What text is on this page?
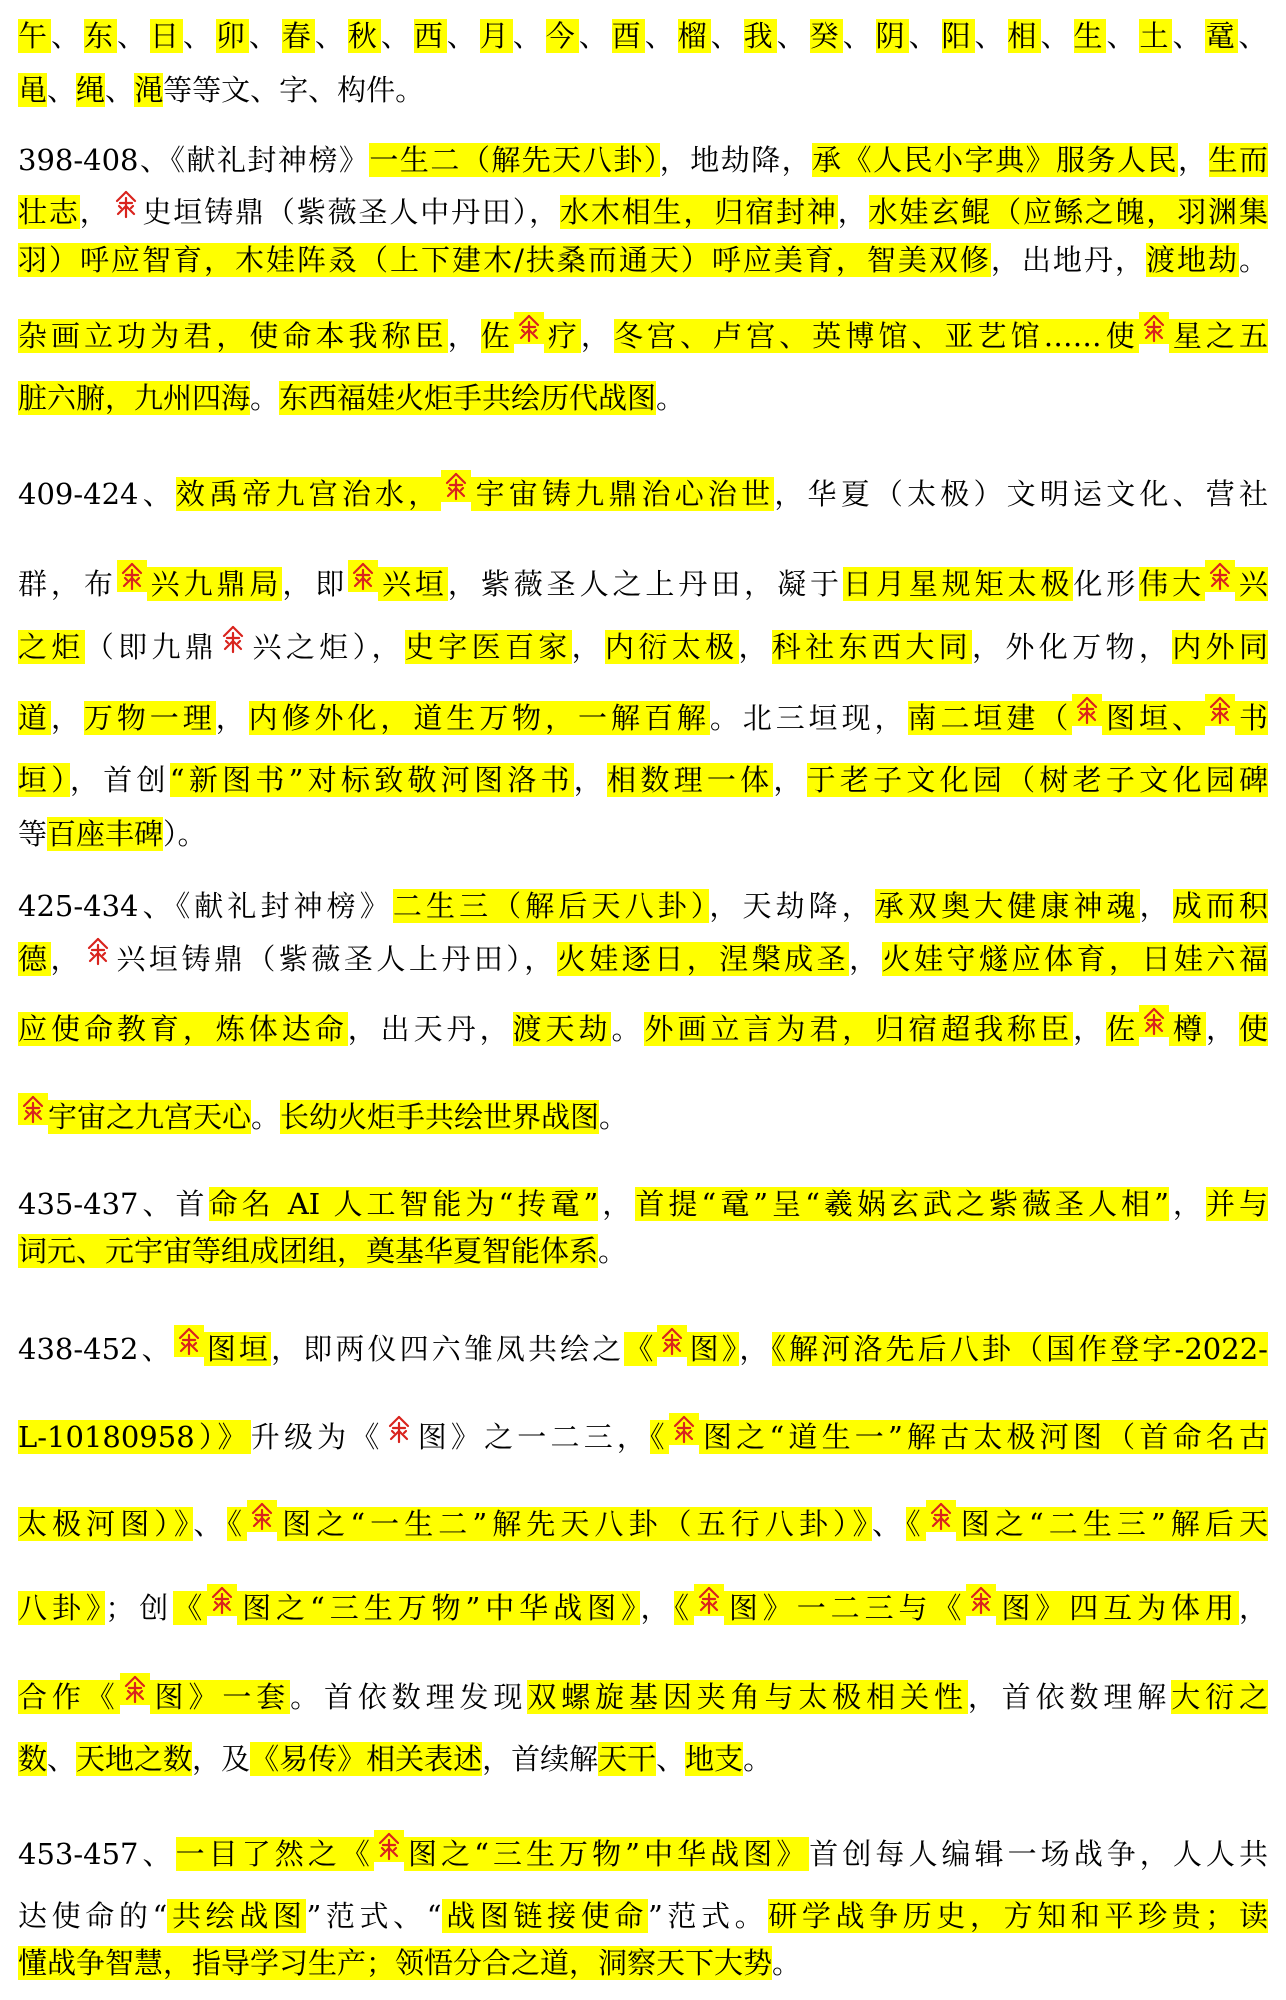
午、东、日、卯、春、秋、西、月、今、酉、榴、我、癸、阴、阳、相、生、土、鼋、
黾、绳、渑等等文、字、构件。
398-408、《献礼封神榜》一生二（解先天八卦），地劫降，承《人民小字典》服务人民，生而
壮志， 史垣铸鼎（紫薇圣人中丹田），水木相生，归宿封神，水娃玄鲲（应鲧之魄，羽渊集
羽）呼应智育，木娃阵叒（上下建木/扶桑而通天）呼应美育，智美双修，出地丹，渡地劫。
杂画立功为君，使命本我称臣，佐 疗，冬宫、卢宫、英博馆、亚艺馆……使 星之五
脏六腑，九州四海。东西福娃火炬手共绘历代战图。
409-424、效禹帝九宫治水， 宇宙铸九鼎治心治世，华夏（太极）文明运文化、营社
群，布 兴九鼎局，即 兴垣，紫薇圣人之上丹田，凝于日月星规矩太极化形伟大 兴
之炬（即九鼎 兴之炬），史字医百家，内衍太极，科社东西大同，外化万物，内外同
道，万物一理，内修外化，道生万物，一解百解。北三垣现，南二垣建（ 图垣、 书
垣），首创“新图书”对标致敬河图洛书，相数理一体，于老子文化园（树老子文化园碑
等百座丰碑）。
425-434、《献礼封神榜》二生三（解后天八卦），天劫降，承双奥大健康神魂，成而积
德， 兴垣铸鼎（紫薇圣人上丹田），火娃逐日，涅槃成圣，火娃守燧应体育，日娃六福
应使命教育，炼体达命，出天丹，渡天劫。外画立言为君，归宿超我称臣，佐 樽，使
宇宙之九宫天心。长幼火炬手共绘世界战图。
435-437、首命名 AI 人工智能为“抟鼋”，首提“鼋”呈“羲娲玄武之紫薇圣人相”，并与
词元、元宇宙等组成团组，奠基华夏智能体系。
438-452、 图垣，即两仪四六雏凤共绘之《 图》，《解河洛先后八卦（国作登字-2022-
L-10180958）》升级为《 图》之一二三，《 图之“道生一”解古太极河图（首命名古
太极河图）》、《 图之“一生二”解先天八卦（五行八卦）》、《 图之“二生三”解后天
八卦》；创《 图之“三生万物”中华战图》，《 图》一二三与《 图》四互为体用，
合作《 图》一套。首依数理发现双螺旋基因夹角与太极相关性，首依数理解大衍之
数、天地之数，及《易传》相关表述，首续解天干、地支。
453-457、一目了然之《 图之“三生万物”中华战图》首创每人编辑一场战争，人人共
达使命的“共绘战图”范式、“战图链接使命”范式。研学战争历史，方知和平珍贵；读
懂战争智慧，指导学习生产；领悟分合之道，洞察天下大势。
